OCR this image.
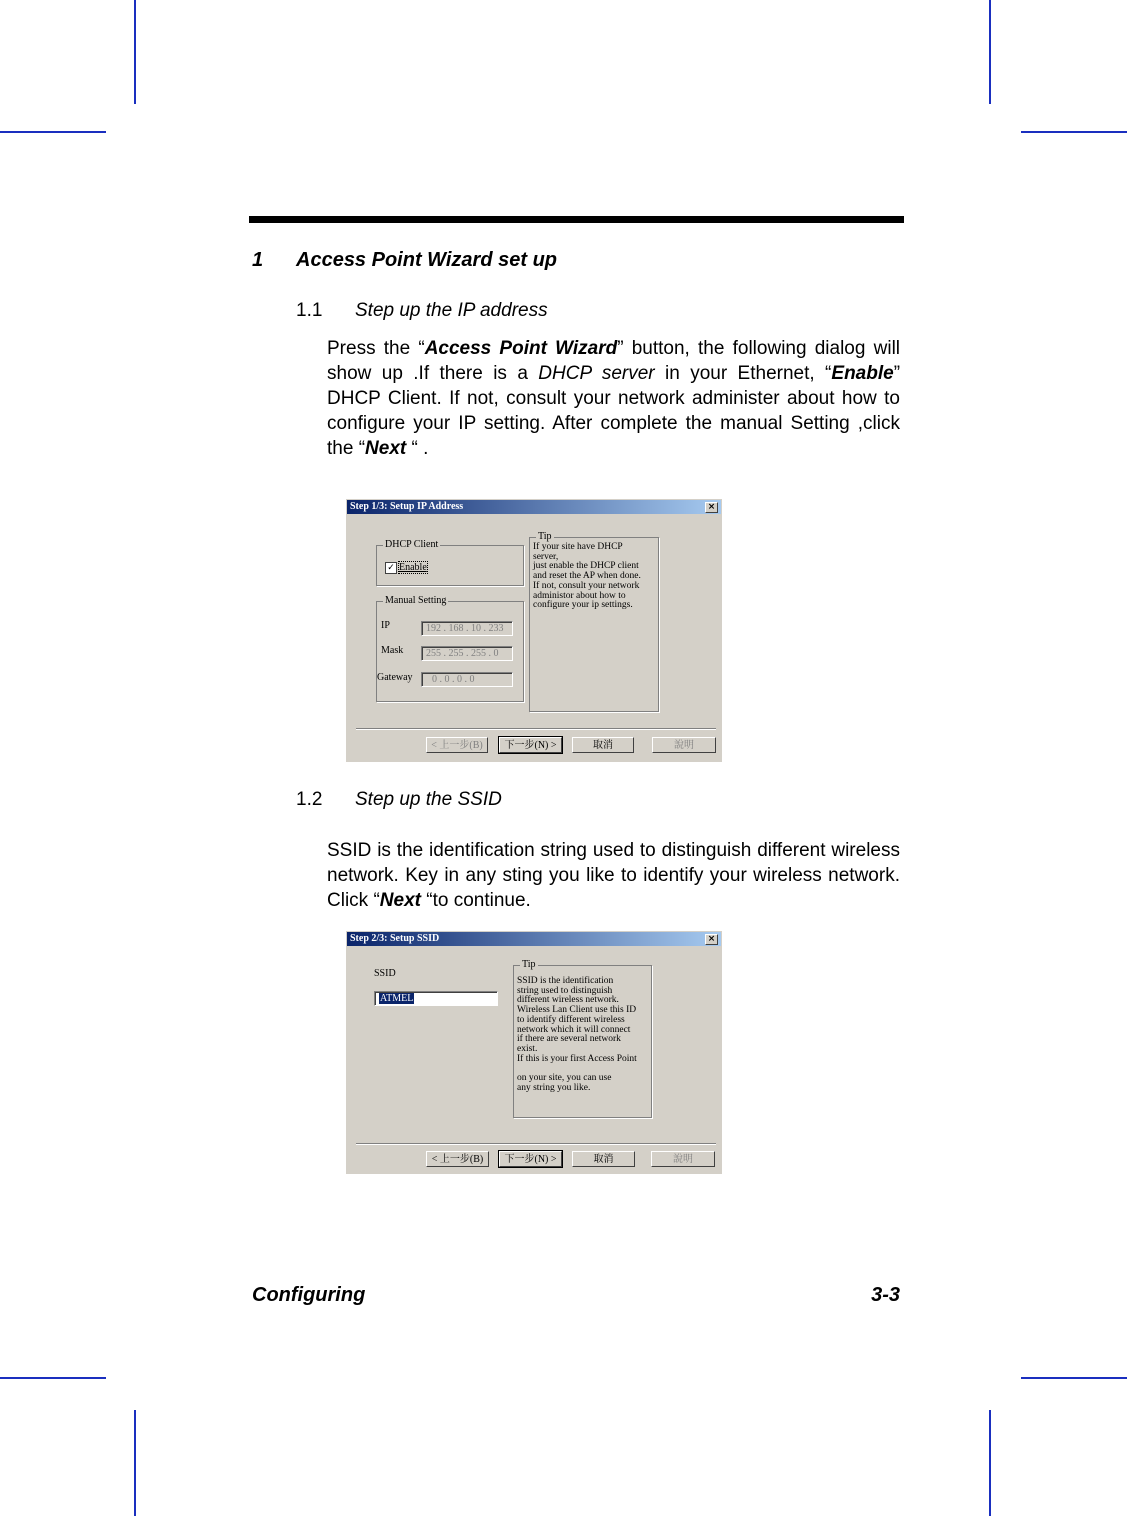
1 Access Point Wizard set up
1.1 Step up the IP address

Press the “Access Point Wizard” button, the following dialog will show up .If there is a DHCP server in your Ethernet, “Enable” DHCP Client. If not, consult your network administer about how to configure your IP setting. After complete the manual Setting ,click the “Next “ .

Step 1/3: Setup IP Address	×
DHCP Client
✓ Enable
Manual Setting
IP	192 . 168 . 10 . 233
Mask	255 . 255 . 255 . 0
Gateway	0 . 0 . 0 . 0
Tip
If your site have DHCP
server,
just enable the DHCP client
and reset the AP when done.
If not, consult your network
administor about how to
configure your ip settings.
< 上一步(B)	下一步(N) >	取消	說明
1.2 Step up the SSID

SSID is the identification string used to distinguish different wireless network. Key in any sting you like to identify your wireless network. Click “Next “to continue.

Step 2/3: Setup SSID	×
SSID
ATMEL
Tip
SSID is the identification
string used to distinguish
different wireless network.
Wireless Lan Client use this ID
to identify different wireless
network which it will connect
if there are several network
exist.
If this is your first Access Point

on your site, you can use
any string you like.
< 上一步(B)	下一步(N) >	取消	說明
Configuring	3-3
